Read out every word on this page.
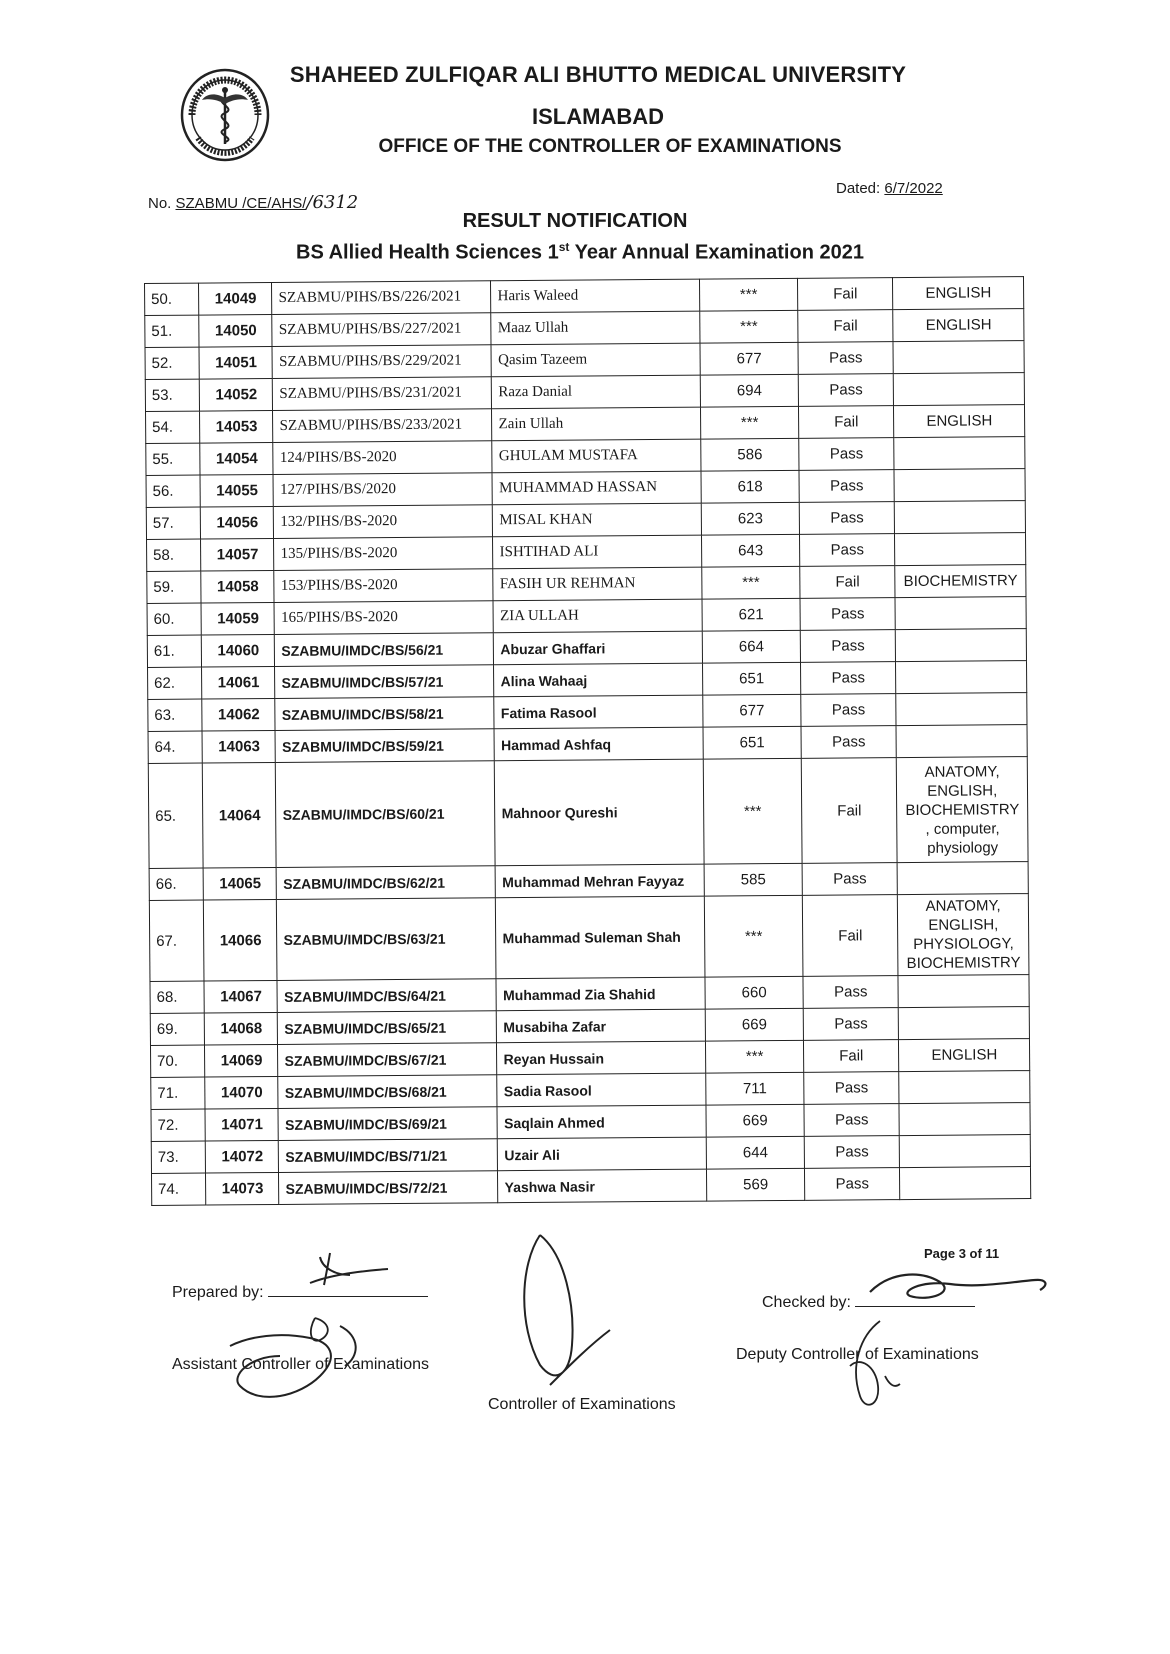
SHAHEED ZULFIQAR ALI BHUTTO MEDICAL UNIVERSITY
ISLAMABAD
OFFICE OF THE CONTROLLER OF EXAMINATIONS
No. SZABMU /CE/AHS//6312
Dated: 6/7/2022
RESULT NOTIFICATION
BS Allied Health Sciences 1st Year Annual Examination 2021
50.	14049	SZABMU/PIHS/BS/226/2021	Haris Waleed	***	Fail	ENGLISH
51.	14050	SZABMU/PIHS/BS/227/2021	Maaz Ullah	***	Fail	ENGLISH
52.	14051	SZABMU/PIHS/BS/229/2021	Qasim Tazeem	677	Pass	
53.	14052	SZABMU/PIHS/BS/231/2021	Raza Danial	694	Pass	
54.	14053	SZABMU/PIHS/BS/233/2021	Zain Ullah	***	Fail	ENGLISH
55.	14054	124/PIHS/BS-2020	GHULAM MUSTAFA	586	Pass	
56.	14055	127/PIHS/BS/2020	MUHAMMAD HASSAN	618	Pass	
57.	14056	132/PIHS/BS-2020	MISAL KHAN	623	Pass	
58.	14057	135/PIHS/BS-2020	ISHTIHAD ALI	643	Pass	
59.	14058	153/PIHS/BS-2020	FASIH UR REHMAN	***	Fail	BIOCHEMISTRY
60.	14059	165/PIHS/BS-2020	ZIA ULLAH	621	Pass	
61.	14060	SZABMU/IMDC/BS/56/21	Abuzar Ghaffari	664	Pass	
62.	14061	SZABMU/IMDC/BS/57/21	Alina Wahaaj	651	Pass	
63.	14062	SZABMU/IMDC/BS/58/21	Fatima Rasool	677	Pass	
64.	14063	SZABMU/IMDC/BS/59/21	Hammad Ashfaq	651	Pass	
65.	14064	SZABMU/IMDC/BS/60/21	Mahnoor Qureshi	***	Fail	ANATOMY, ENGLISH, BIOCHEMISTRY , computer, physiology
66.	14065	SZABMU/IMDC/BS/62/21	Muhammad Mehran Fayyaz	585	Pass	
67.	14066	SZABMU/IMDC/BS/63/21	Muhammad Suleman Shah	***	Fail	ANATOMY, ENGLISH, PHYSIOLOGY, BIOCHEMISTRY
68.	14067	SZABMU/IMDC/BS/64/21	Muhammad Zia Shahid	660	Pass	
69.	14068	SZABMU/IMDC/BS/65/21	Musabiha Zafar	669	Pass	
70.	14069	SZABMU/IMDC/BS/67/21	Reyan Hussain	***	Fail	ENGLISH
71.	14070	SZABMU/IMDC/BS/68/21	Sadia Rasool	711	Pass	
72.	14071	SZABMU/IMDC/BS/69/21	Saqlain Ahmed	669	Pass	
73.	14072	SZABMU/IMDC/BS/71/21	Uzair Ali	644	Pass	
74.	14073	SZABMU/IMDC/BS/72/21	Yashwa Nasir	569	Pass	
Page 3 of 11
Prepared by:
Assistant Controller of Examinations
Controller of Examinations
Checked by:
Deputy Controller of Examinations
